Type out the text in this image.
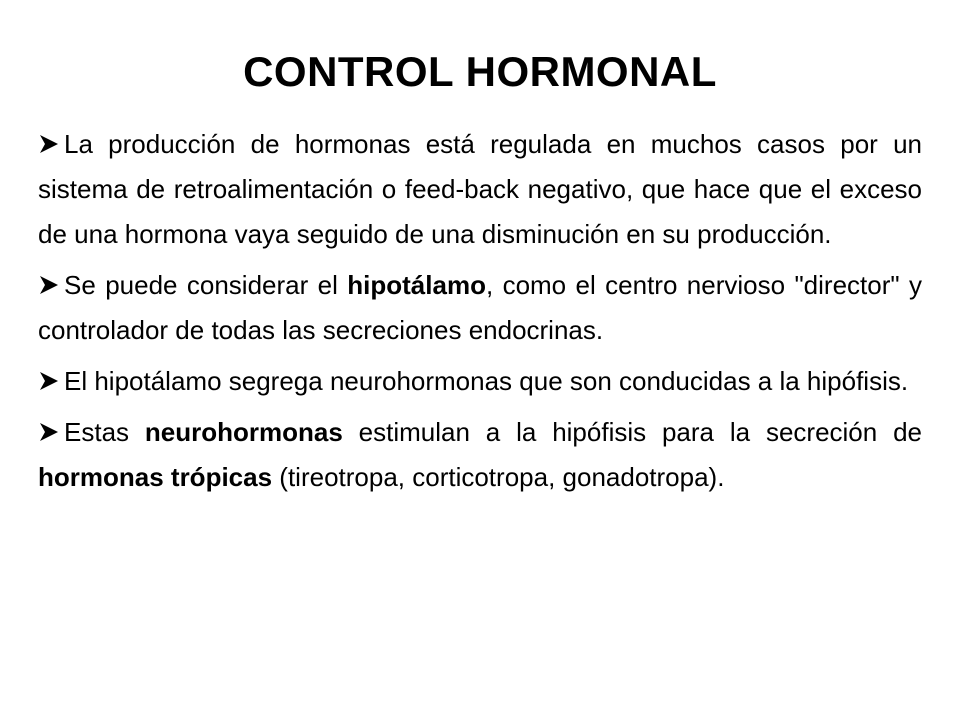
CONTROL HORMONAL
La producción de hormonas está regulada en muchos casos por un sistema de retroalimentación o feed-back negativo, que hace que el exceso de una hormona vaya seguido de una disminución en su producción.
Se puede considerar el hipotálamo, como el centro nervioso "director" y controlador de todas las secreciones endocrinas.
El hipotálamo segrega neurohormonas que son conducidas a la hipófisis.
Estas neurohormonas estimulan a la hipófisis para la secreción de hormonas trópicas (tireotropa, corticotropa, gonadotropa).
